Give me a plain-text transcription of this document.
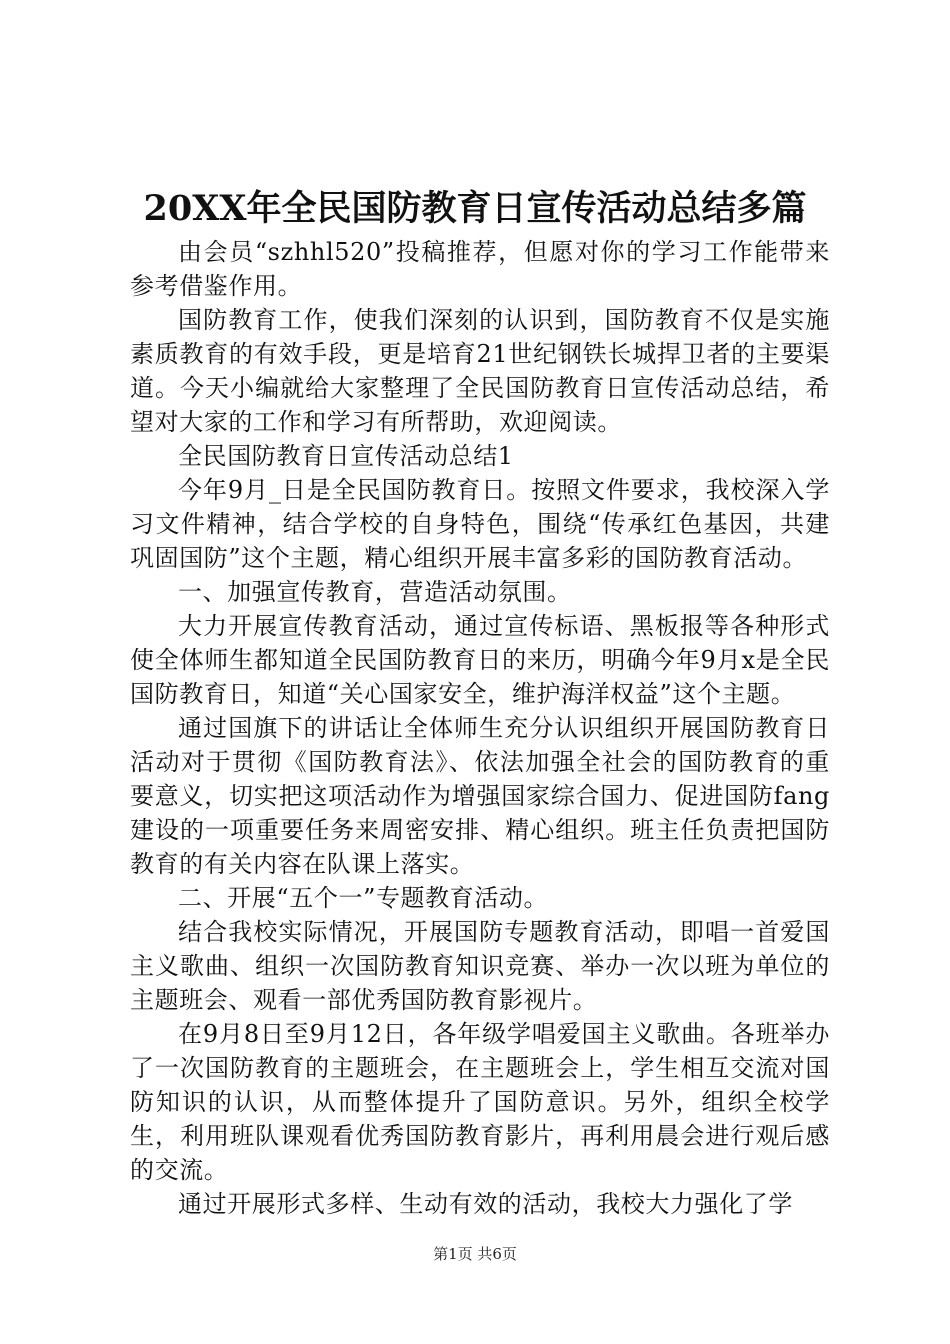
20XX年全民国防教育日宣传活动总结多篇

由会员“szhhl520”投稿推荐，但愿对你的学习工作能带来参考借鉴作用。

国防教育工作，使我们深刻的认识到，国防教育不仅是实施素质教育的有效手段，更是培育21世纪钢铁长城捍卫者的主要渠道。今天小编就给大家整理了全民国防教育日宣传活动总结，希望对大家的工作和学习有所帮助，欢迎阅读。

全民国防教育日宣传活动总结1

今年9月_日是全民国防教育日。按照文件要求，我校深入学习文件精神，结合学校的自身特色，围绕“传承红色基因，共建巩固国防”这个主题，精心组织开展丰富多彩的国防教育活动。

一、加强宣传教育，营造活动氛围。

大力开展宣传教育活动，通过宣传标语、黑板报等各种形式使全体师生都知道全民国防教育日的来历，明确今年9月x是全民国防教育日，知道“关心国家安全，维护海洋权益”这个主题。

通过国旗下的讲话让全体师生充分认识组织开展国防教育日活动对于贯彻《国防教育法》、依法加强全社会的国防教育的重要意义，切实把这项活动作为增强国家综合国力、促进国防fang建设的一项重要任务来周密安排、精心组织。班主任负责把国防教育的有关内容在队课上落实。

二、开展“五个一”专题教育活动。

结合我校实际情况，开展国防专题教育活动，即唱一首爱国主义歌曲、组织一次国防教育知识竞赛、举办一次以班为单位的主题班会、观看一部优秀国防教育影视片。

在9月8日至9月12日，各年级学唱爱国主义歌曲。各班举办了一次国防教育的主题班会，在主题班会上，学生相互交流对国防知识的认识，从而整体提升了国防意识。另外，组织全校学生，利用班队课观看优秀国防教育影片，再利用晨会进行观后感的交流。

通过开展形式多样、生动有效的活动，我校大力强化了学

第1页 共6页
